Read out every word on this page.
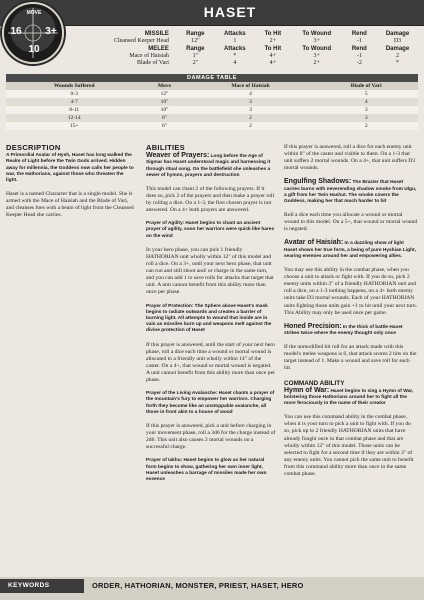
HASET
MOVE
16	3+
10
MISSILE	Range	Attacks	To Hit	To Wound	Rend	Damage
Cleansed Keeper Head	12"	1	2+	3+	-1	D3
MELEE	Range	Attacks	To Hit	To Wound	Rend	Damage
Mace of Haisiah	1"	*	4+	3+	-1	2
Blade of Vari	2"	4	4+	2+	-2	*
DAMAGE TABLE			
Wounds Suffered	Move	Mace of Haisiah	Blade of Vari
0-3	12"	4	5
4-7	10"	3	4
8-11	10"	3	3
12-14	8"	2	3
15+	6"	2	2
DESCRIPTION

A Primordial Avatar of Hysh, Haset has long walked the Realm of Light before the Twin Gods arrived. Hidden away for millennia, the Goddess now calls her people to war, the Hathorians, against those who threaten the light.

Haset is a named Character that is a single model. She is armed with the Mace of Haisiah and the Blade of Vari, and cleanses foes with a beam of light from the Cleansed Keeper Head she carries.

ABILITIES

Weaver of Prayers: Long before the Age of Sigmar has Haset understood magic and harnessing it through ritual song. On the battlefield she unleashes a sewer of hymns, prayers and destruction

This model can chant 2 of the following prayers. If it does so, pick 2 of the prayers and then make a prayer roll by rolling a dice. On a 1-3, the first chosen prayer is not answered. On a 4+ both prayers are answered.

Prayer of Agility: Haset begins to chant an ancient prayer of agility, soon her warriors were quick like hares on the wind

In your hero phase, you can pick 1 friendly HATHORIAN unit wholly within 12" of this model and roll a dice. On a 3+, until your next hero phase, that unit can run and still shoot and/ or charge in the same turn, and you can add 1 to save rolls for attacks that target that unit. A unit cannot benefit from this ability more than once per phase.

Prayer of Protection: The Sphere above Haset's mask begins to radiate outwards and creates a barrier of burning light. All attempts to wound that inside are in vain as missiles burn up and weapons melt against the divine protection of Haset

If this prayer is answered, until the start of your next hero phase, roll a dice each time a wound or mortal wound is allocated to a friendly unit wholly within 14" of the caster. On a 4+, that wound or mortal wound is negated. A unit cannot benefit from this ability more than once per phase.

Prayer of the Living Avalanche: Haset chants a prayer of the mountain's fury to empower her warriors. Charging forth they become like an unstoppable avalanche, all those in front akin to a house of wood

If this prayer is answered, pick a unit before charging in your movement phase, roll a 3d6 for the charge instead of 2d6. This unit also causes 2 mortal wounds on a successful charge.

Prayer of Iakhu: Haset begins to glow as her natural form begins to show, gathering her own inner light, Haset unleashes a barrage of missiles made her own essence

If this prayer is answered, roll a dice for each enemy unit within 8" of the caster and visible to them. On a 1-3 that unit suffers 2 mortal wounds. On a 4+, that unit suffers D3 mortal wounds.

Engulfing Shadows: The Brazier that Haset carries burns with neverending shadow smoke from Ulgu, a gift from her Twin Hashut. The smoke covers the Goddess, making her that much harder to hit

Roll a dice each time you allocate a wound or mortal wound to this model. On a 5+, that wound or mortal wound is negated.

Avatar of Haisiah: In a dazzling show of light Haset shows her true form, a being of pure Hyshian Light, searing enemies around her and empowering allies.

You may use this ability in the combat phase, when you choose a unit to attack or fight with. If you do so, pick 2 enemy units within 3" of a friendly HATHORIAN unit and roll a dice, on a 1-3 nothing happens, on a 4+ both enemy units take D3 mortal wounds. Each of your HATHORIAN units fighting those units gain +1 to hit until your next turn. This Ability may only be used once per game.

Honed Precision: In the thick of battle Haset strikes twice where the enemy thought only once

If the unmodified hit roll for an attack made with this model's melee weapons is 6, that attack scores 2 hits on the target instead of 1. Make a wound and save roll for each hit.

COMMAND ABILITY

Hymn of War: Haset begins to sing a Hymn of War, bolstering those Hathorians around her to fight all the more ferociously in the name of their creator

You can use this command ability in the combat phase, when it is your turn to pick a unit to fight with. If you do so, pick up to 2 friendly HATHORIAN units that have already fought once in that combat phase and that are wholly within 12" of this model. Those units can be selected to fight for a second time if they are within 3" of any enemy units. You cannot pick the same unit to benefit from this command ability more than once in the same combat phase.

KEYWORDS	ORDER, HATHORIAN, MONSTER, PRIEST, HASET, HERO
